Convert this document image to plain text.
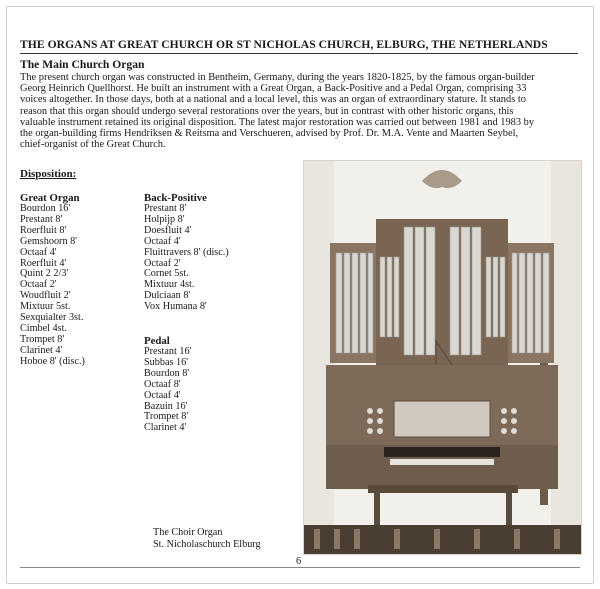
THE ORGANS AT GREAT CHURCH OR ST NICHOLAS CHURCH, ELBURG, THE NETHERLANDS
The Main Church Organ
The present church organ was constructed in Bentheim, Germany, during the years 1820-1825, by the famous organ-builder
Georg Heinrich Quellhorst. He built an instrument with a Great Organ, a Back-Positive and a Pedal Organ, comprising 33
voices altogether. In those days, both at a national and a local level, this was an organ of extraordinary stature. It stands to
reason that this organ should undergo several restorations over the years, but in contrast with other historic organs, this
valuable instrument retained its original disposition. The latest major restoration was carried out between 1981 and 1983 by
the organ-building firms Hendriksen & Reitsma and Verschueren, advised by Prof. Dr. M.A. Vente and Maarten Seybel,
chief-organist of the Great Church.
Disposition:
Great Organ
Bourdon 16'
Prestant 8'
Roerfluit 8'
Gemshoorn 8'
Octaaf 4'
Roerfluit 4'
Quint 2 2/3'
Octaaf 2'
Woudfluit 2'
Mixtuur 5st.
Sexquialter 3st.
Cimbel 4st.
Trompet 8'
Clarinet 4'
Hoboe 8' (disc.)
Back-Positive
Prestant 8'
Holpijp 8'
Doesfluit 4'
Octaaf 4'
Fluittravers 8' (disc.)
Octaaf 2'
Cornet 5st.
Mixtuur 4st.
Dulciaan 8'
Vox Humana 8'
Pedal
Prestant 16'
Subbas 16'
Bourdon 8'
Octaaf 8'
Octaaf 4'
Bazuin 16'
Trompet 8'
Clarinet 4'
The Choir Organ
St. Nicholaschurch Elburg
6
